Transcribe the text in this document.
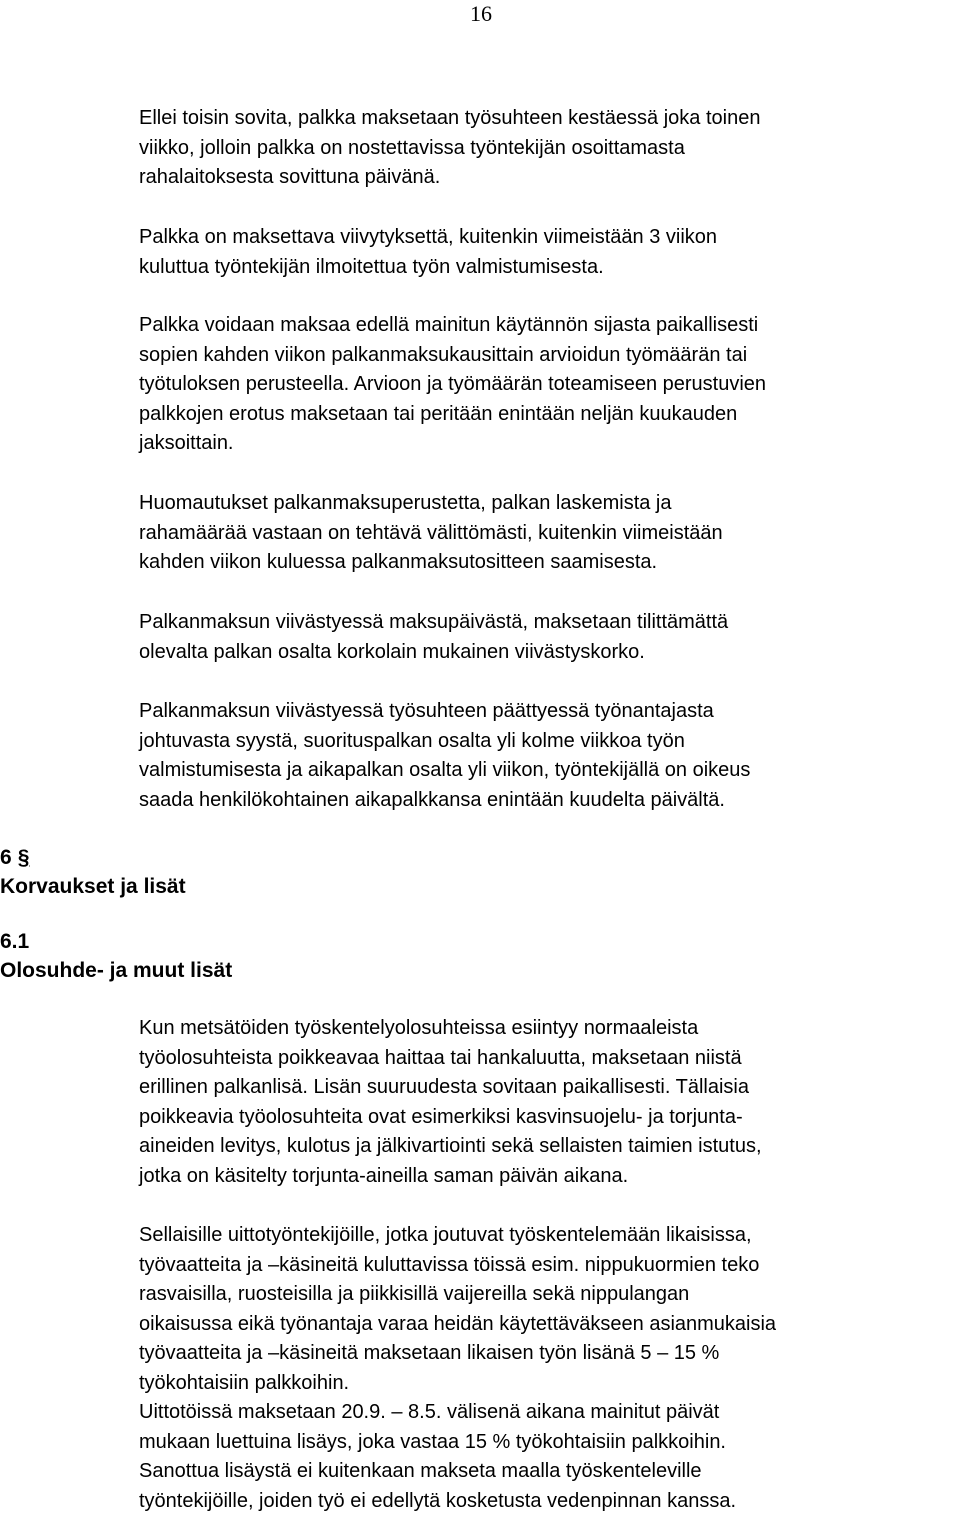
16

Ellei toisin sovita, palkka maksetaan työsuhteen kestäessä joka toinen
viikko, jolloin palkka on nostettavissa työntekijän osoittamasta
rahalaitoksesta sovittuna päivänä.

Palkka on maksettava viivytyksettä, kuitenkin viimeistään 3 viikon
kuluttua työntekijän ilmoitettua työn valmistumisesta.

Palkka voidaan maksaa edellä mainitun käytännön sijasta paikallisesti
sopien kahden viikon palkanmaksukausittain arvioidun työmäärän tai
työtuloksen perusteella. Arvioon ja työmäärän toteamiseen perustuvien
palkkojen erotus maksetaan tai peritään enintään neljän kuukauden
jaksoittain.

Huomautukset palkanmaksuperustetta, palkan laskemista ja
rahamäärää vastaan on tehtävä välittömästi, kuitenkin viimeistään
kahden viikon kuluessa palkanmaksutositteen saamisesta.

Palkanmaksun viivästyessä maksupäivästä, maksetaan tilittämättä
olevalta palkan osalta korkolain mukainen viivästyskorko.

Palkanmaksun viivästyessä työsuhteen päättyessä työnantajasta
johtuvasta syystä, suorituspalkan osalta yli kolme viikkoa työn
valmistumisesta ja aikapalkan osalta yli viikon, työntekijällä on oikeus
saada henkilökohtainen aikapalkkansa enintään kuudelta päivältä.

6 §
Korvaukset ja lisät
6.1
Olosuhde- ja muut lisät

Kun metsätöiden työskentelyolosuhteissa esiintyy normaaleista
työolosuhteista poikkeavaa haittaa tai hankaluutta, maksetaan niistä
erillinen palkanlisä. Lisän suuruudesta sovitaan paikallisesti. Tällaisia
poikkeavia työolosuhteita ovat esimerkiksi kasvinsuojelu- ja torjunta-
aineiden levitys, kulotus ja jälkivartiointi sekä sellaisten taimien istutus,
jotka on käsitelty torjunta-aineilla saman päivän aikana.

Sellaisille uittotyöntekijöille, jotka joutuvat työskentelemään likaisissa,
työvaatteita ja –käsineitä kuluttavissa töissä esim. nippukuormien teko
rasvaisilla, ruosteisilla ja piikkisillä vaijereilla sekä nippulangan
oikaisussa eikä työnantaja varaa heidän käytettäväkseen asianmukaisia
työvaatteita ja –käsineitä maksetaan likaisen työn lisänä 5 – 15 %
työkohtaisiin palkkoihin.
Uittotöissä maksetaan 20.9. – 8.5. välisenä aikana mainitut päivät
mukaan luettuina lisäys, joka vastaa 15 % työkohtaisiin palkkoihin.
Sanottua lisäystä ei kuitenkaan makseta maalla työskenteleville
työntekijöille, joiden työ ei edellytä kosketusta vedenpinnan kanssa.
